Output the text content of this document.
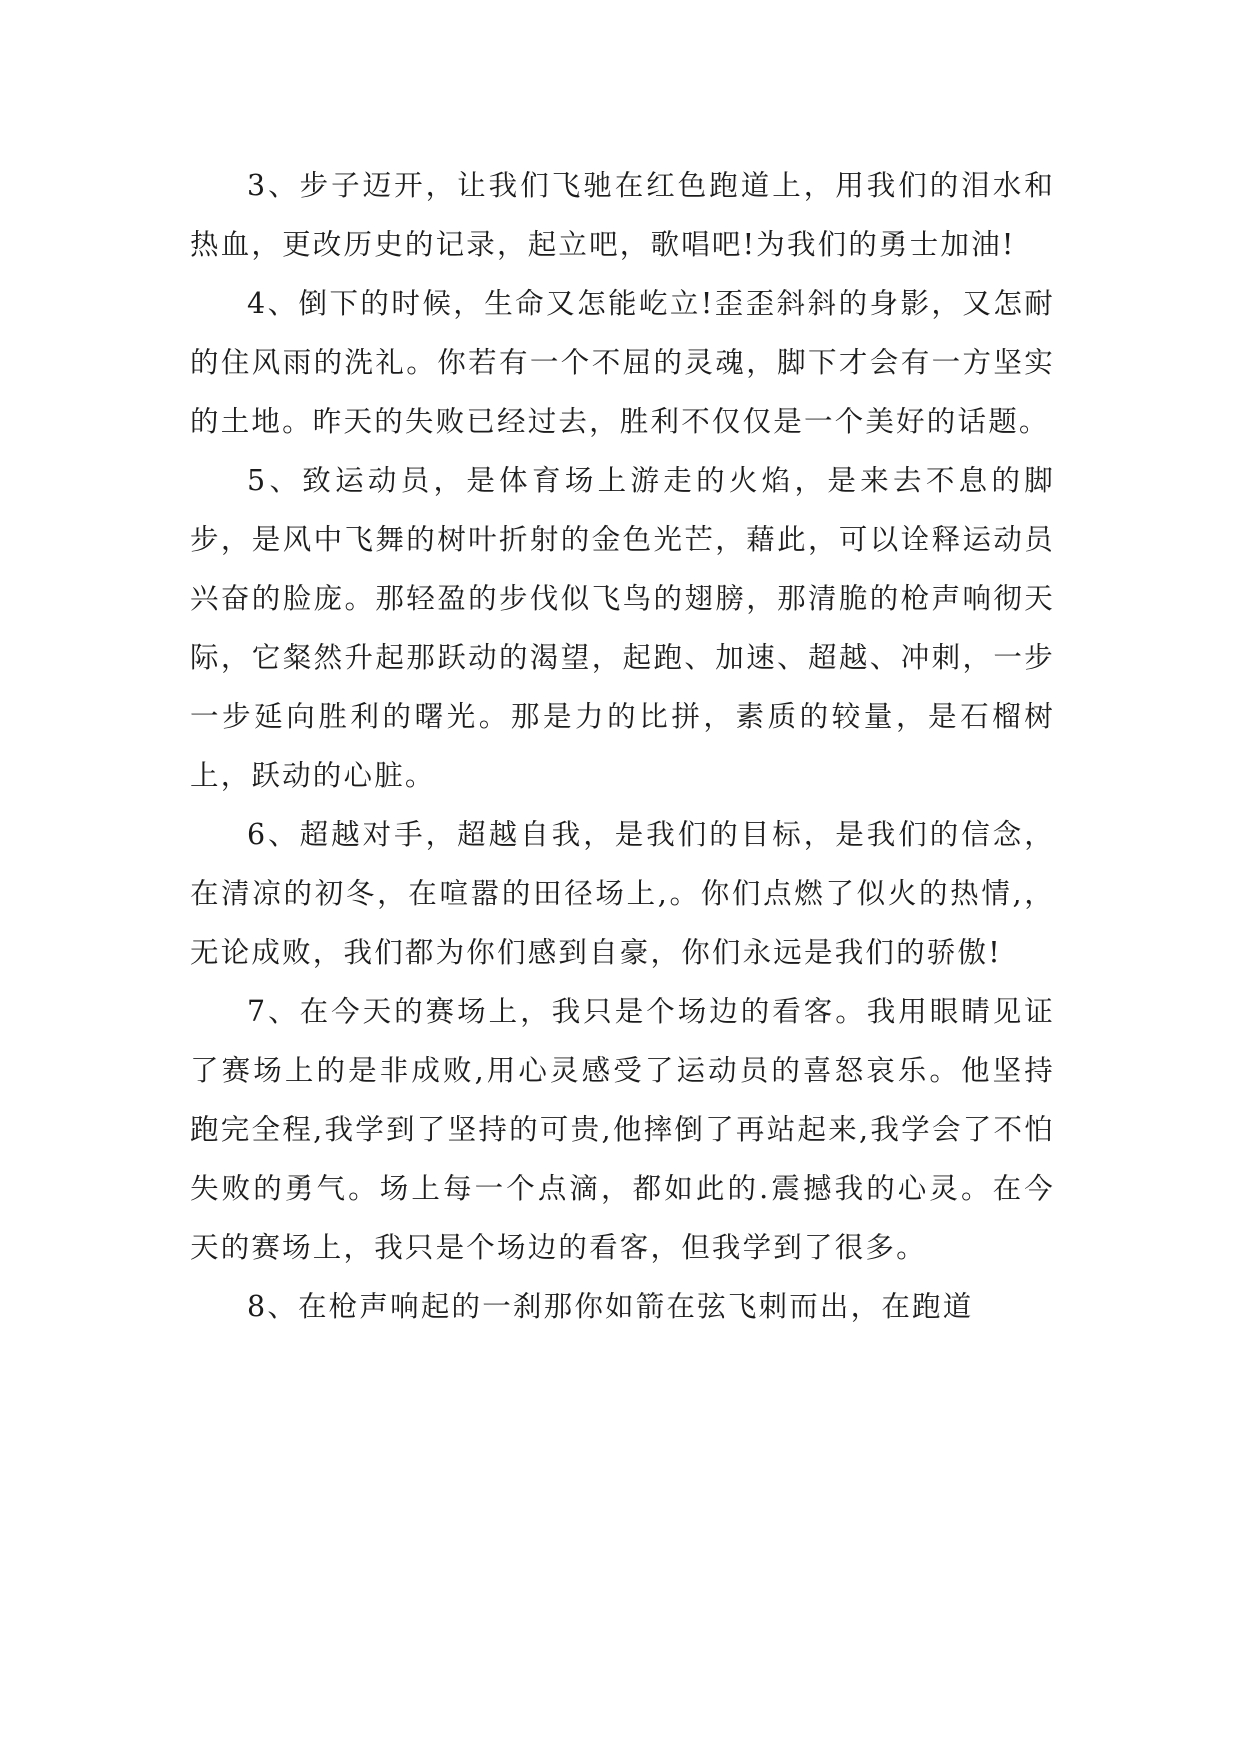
3、步子迈开，让我们飞驰在红色跑道上，用我们的泪水和热血，更改历史的记录，起立吧，歌唱吧!为我们的勇士加油!

4、倒下的时候，生命又怎能屹立!歪歪斜斜的身影，又怎耐的住风雨的洗礼。你若有一个不屈的灵魂，脚下才会有一方坚实的土地。昨天的失败已经过去，胜利不仅仅是一个美好的话题。

5、致运动员，是体育场上游走的火焰，是来去不息的脚步，是风中飞舞的树叶折射的金色光芒，藉此，可以诠释运动员兴奋的脸庞。那轻盈的步伐似飞鸟的翅膀，那清脆的枪声响彻天际，它粲然升起那跃动的渴望，起跑、加速、超越、冲刺，一步一步延向胜利的曙光。那是力的比拼，素质的较量，是石榴树上，跃动的心脏。

6、超越对手，超越自我，是我们的目标，是我们的信念，在清凉的初冬，在喧嚣的田径场上,。你们点燃了似火的热情,，无论成败，我们都为你们感到自豪，你们永远是我们的骄傲!

7、在今天的赛场上，我只是个场边的看客。我用眼睛见证了赛场上的是非成败,用心灵感受了运动员的喜怒哀乐。他坚持跑完全程,我学到了坚持的可贵,他摔倒了再站起来,我学会了不怕失败的勇气。场上每一个点滴，都如此的.震撼我的心灵。在今天的赛场上，我只是个场边的看客，但我学到了很多。

8、在枪声响起的一刹那你如箭在弦飞刺而出，在跑道
